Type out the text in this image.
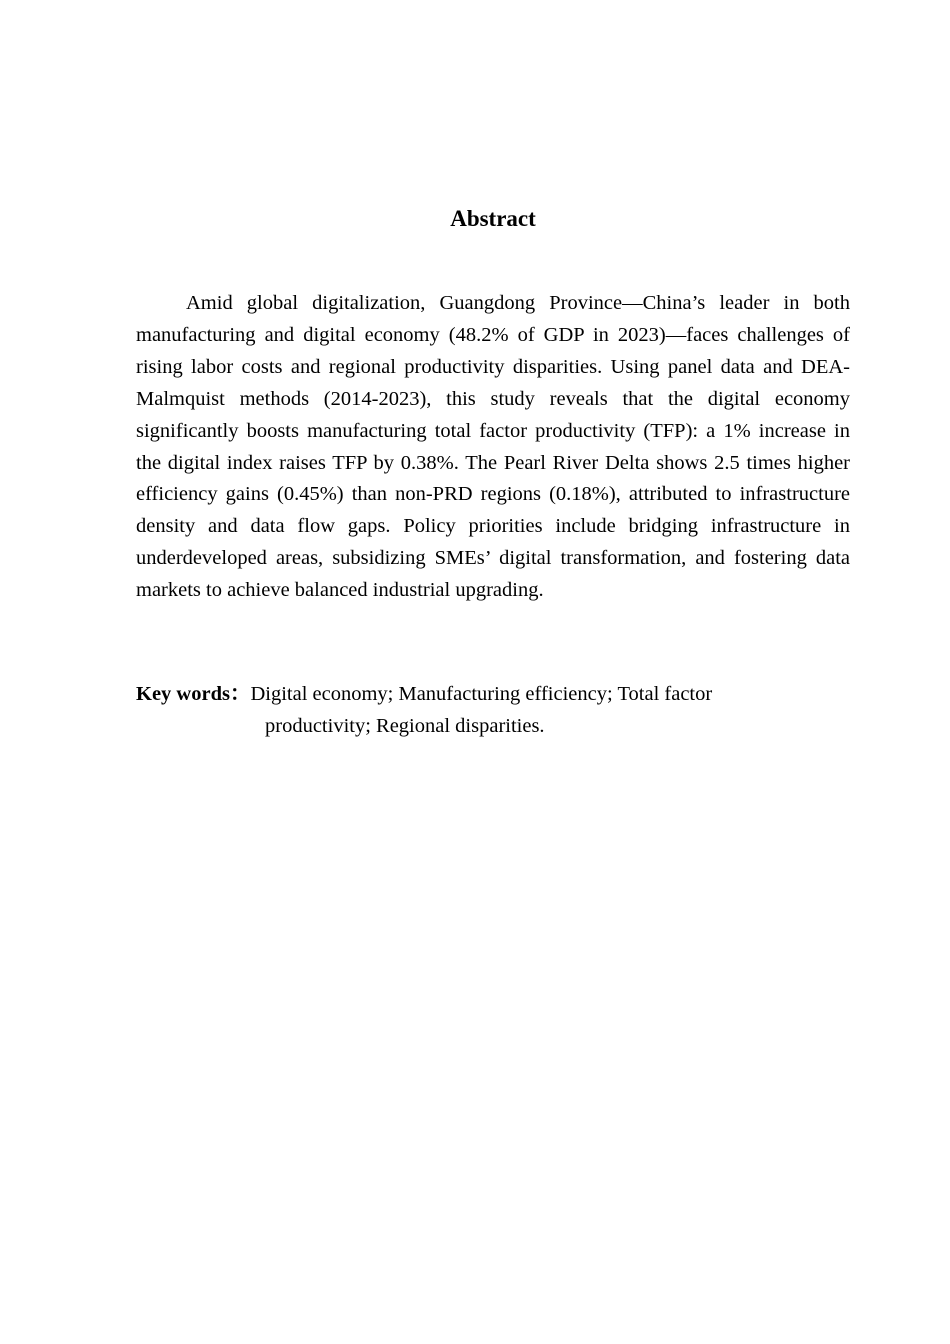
Abstract

Amid global digitalization, Guangdong Province—China’s leader in both manufacturing and digital economy (48.2% of GDP in 2023)—faces challenges of rising labor costs and regional productivity disparities. Using panel data and DEA-Malmquist methods (2014-2023), this study reveals that the digital economy significantly boosts manufacturing total factor productivity (TFP): a 1% increase in the digital index raises TFP by 0.38%. The Pearl River Delta shows 2.5 times higher efficiency gains (0.45%) than non-PRD regions (0.18%), attributed to infrastructure density and data flow gaps. Policy priorities include bridging infrastructure in underdeveloped areas, subsidizing SMEs’ digital transformation, and fostering data markets to achieve balanced industrial upgrading.

Key words：Digital economy; Manufacturing efficiency; Total factor
productivity; Regional disparities.
